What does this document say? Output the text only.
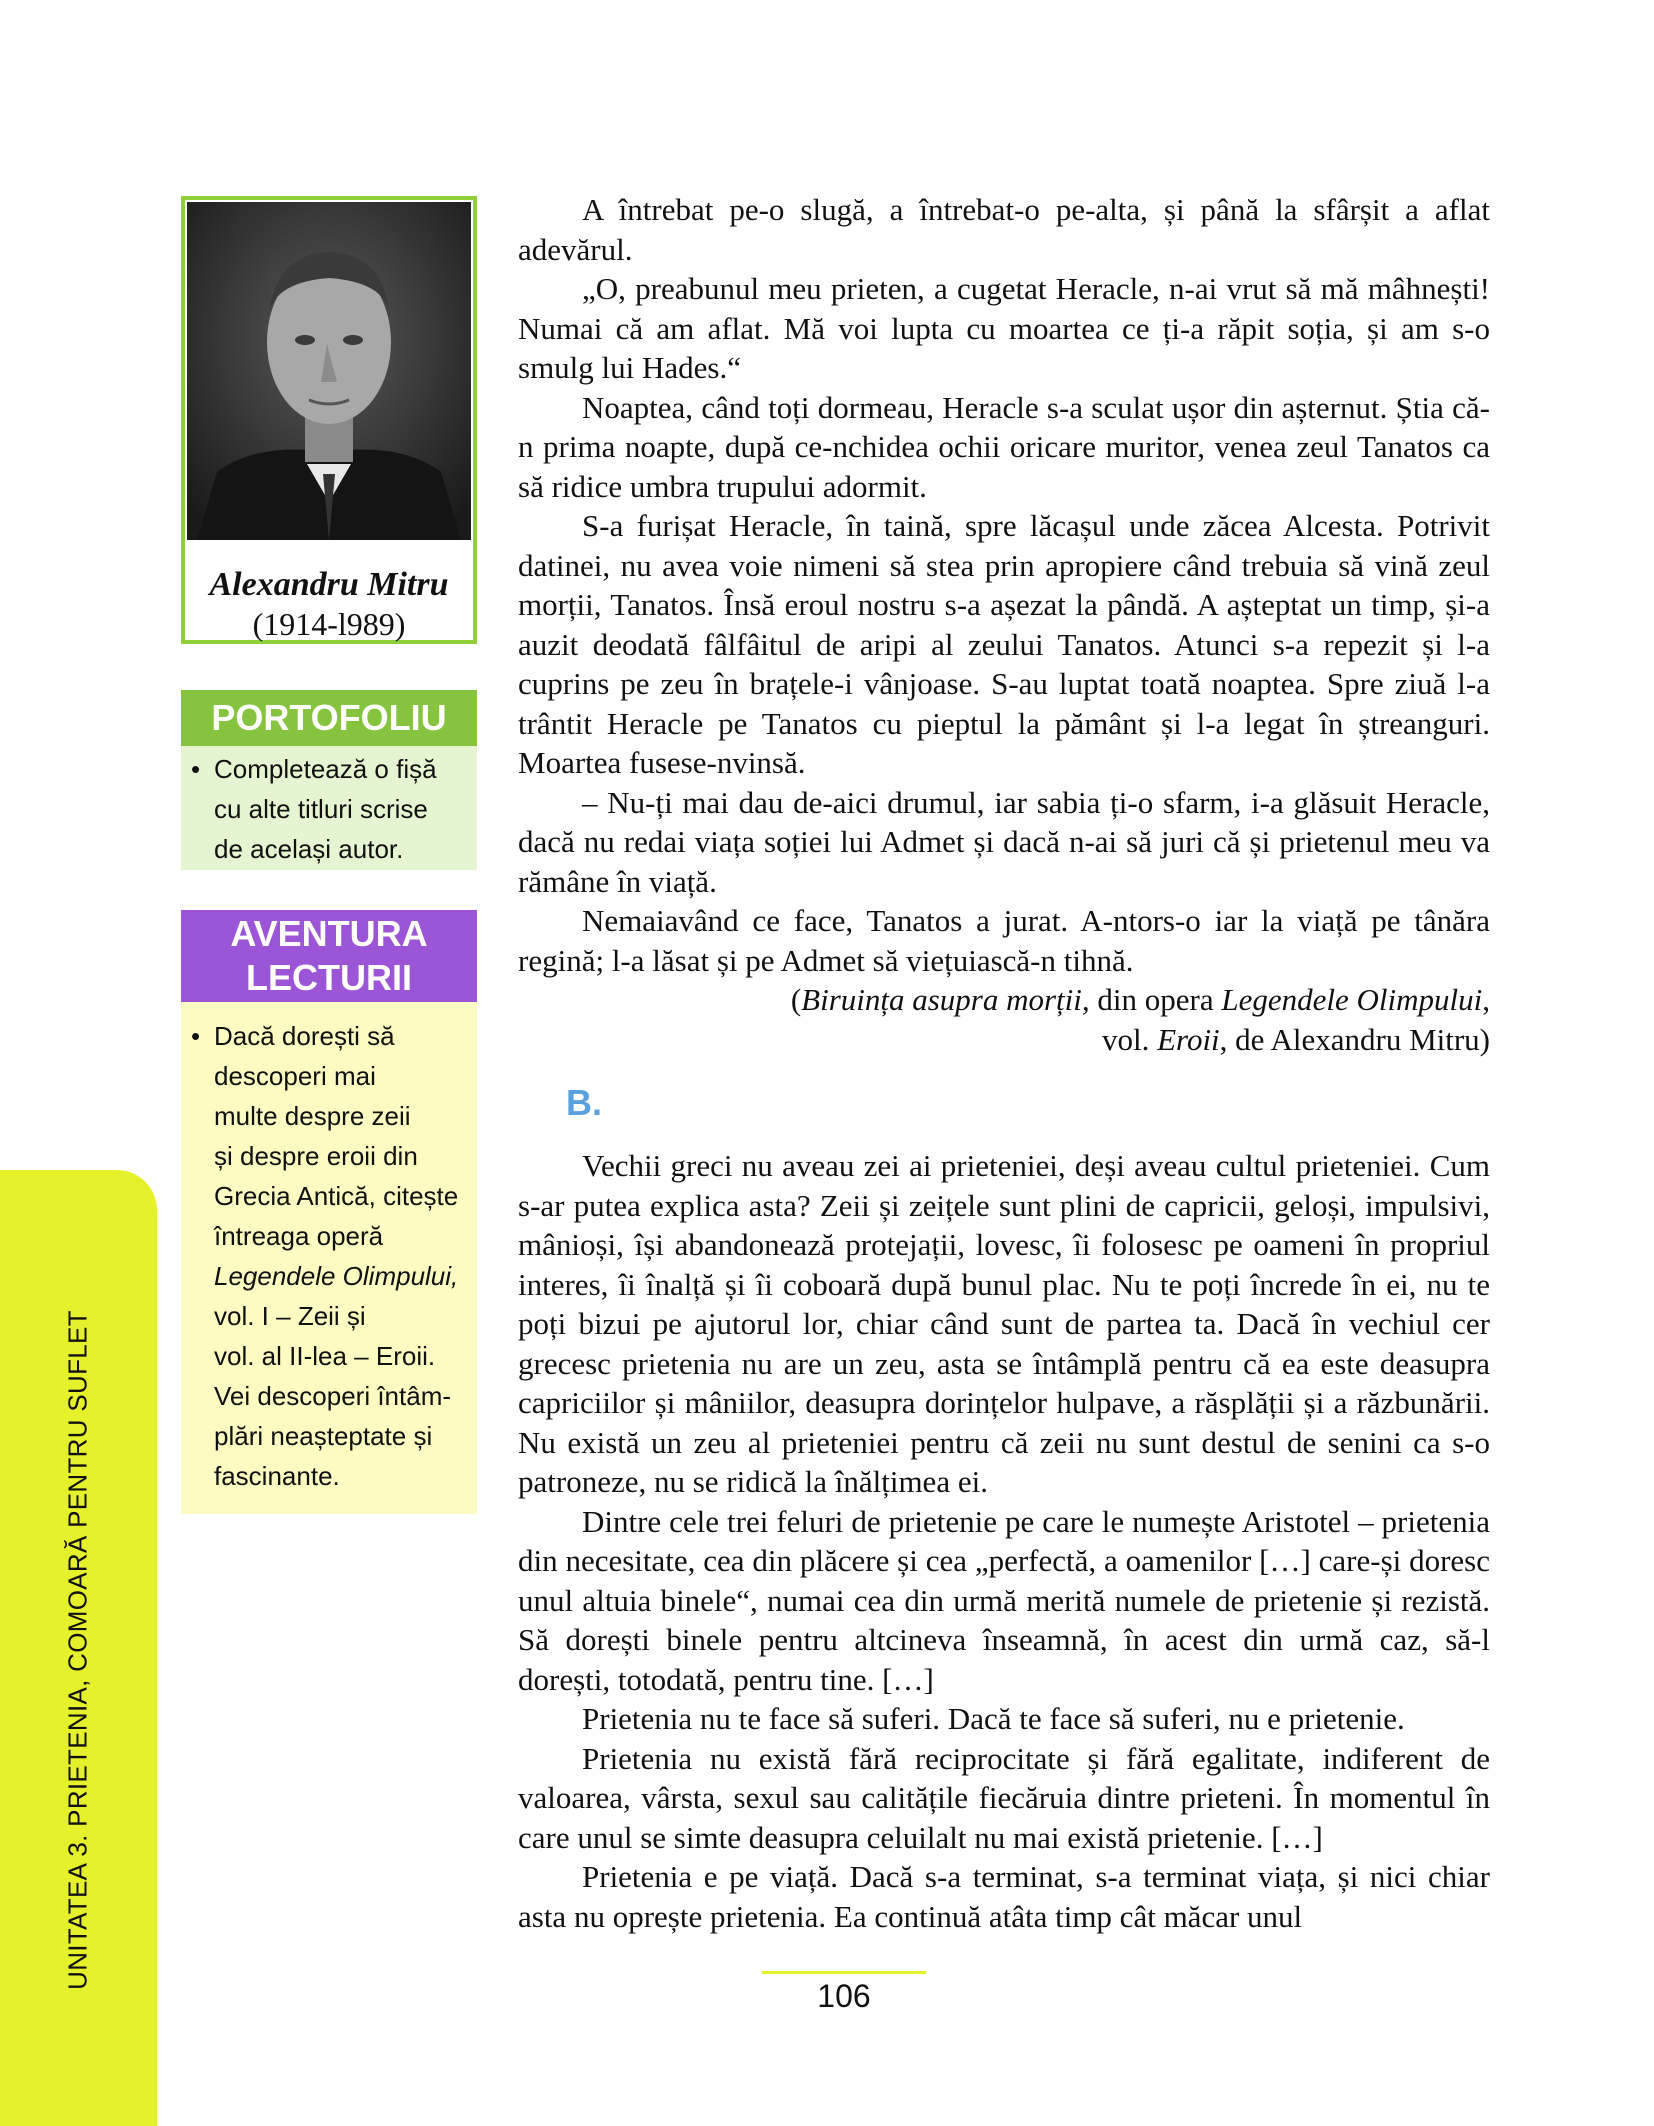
UNITATEA 3. PRIETENIA, COMOARĂ PENTRU SUFLET
Alexandru Mitru
(1914-l989)
PORTOFOLIU
• Completează o fișă
cu alte titluri scrise
de același autor.
AVENTURA
LECTURII
• Dacă dorești să
descoperi mai
multe despre zeii
și despre eroii din
Grecia Antică, citește
întreaga operă
Legendele Olimpului,
vol. I – Zeii și
vol. al II-lea – Eroii.
Vei descoperi întâm-
plări neașteptate și
fascinante.

A întrebat pe-o slugă, a întrebat-o pe-alta, și până la sfârșit a aflat adevărul.

„O, preabunul meu prieten, a cugetat Heracle, n-ai vrut să mă mâhnești! Numai că am aflat. Mă voi lupta cu moartea ce ți-a răpit soția, și am s-o smulg lui Hades.“

Noaptea, când toți dormeau, Heracle s-a sculat ușor din așternut. Știa că-n prima noapte, după ce-nchidea ochii oricare muritor, venea zeul Tanatos ca să ridice umbra trupului adormit.

S-a furișat Heracle, în taină, spre lăcașul unde zăcea Alcesta. Potrivit datinei, nu avea voie nimeni să stea prin apropiere când trebuia să vină zeul morții, Tanatos. Însă eroul nostru s-a așezat la pândă. A așteptat un timp, și-a auzit deodată fâlfâitul de aripi al zeului Tanatos. Atunci s-a repezit și l-a cuprins pe zeu în brațele-i vânjoase. S-au luptat toată noaptea. Spre ziuă l-a trântit Heracle pe Tanatos cu pieptul la pământ și l-a legat în ștreanguri. Moartea fusese-nvinsă.

– Nu-ți mai dau de-aici drumul, iar sabia ți-o sfarm, i-a glăsuit Heracle, dacă nu redai viața soției lui Admet și dacă n-ai să juri că și prietenul meu va rămâne în viață.

Nemaiavând ce face, Tanatos a jurat. A-ntors-o iar la viață pe tânăra regină; l-a lăsat și pe Admet să viețuiască-n tihnă.

(Biruința asupra morții, din opera Legendele Olimpului,

vol. Eroii, de Alexandru Mitru)

B.

Vechii greci nu aveau zei ai prieteniei, deși aveau cultul prieteniei. Cum s-ar putea explica asta? Zeii și zeițele sunt plini de capricii, geloși, impulsivi, mânioși, își abandonează protejații, lovesc, îi folosesc pe oameni în propriul interes, îi înalță și îi coboară după bunul plac. Nu te poți încrede în ei, nu te poți bizui pe ajutorul lor, chiar când sunt de partea ta. Dacă în vechiul cer grecesc prietenia nu are un zeu, asta se întâmplă pentru că ea este deasupra capriciilor și mâniilor, deasupra dorințelor hulpave, a răsplății și a răzbunării. Nu există un zeu al prieteniei pentru că zeii nu sunt destul de senini ca s-o patroneze, nu se ridică la înălțimea ei.

Dintre cele trei feluri de prietenie pe care le numește Aristotel – prietenia din necesitate, cea din plăcere și cea „perfectă, a oamenilor […] care-și doresc unul altuia binele“, numai cea din urmă merită numele de prietenie și rezistă. Să dorești binele pentru altcineva înseamnă, în acest din urmă caz, să-l dorești, totodată, pentru tine. […]

Prietenia nu te face să suferi. Dacă te face să suferi, nu e prietenie.

Prietenia nu există fără reciprocitate și fără egalitate, indiferent de valoarea, vârsta, sexul sau calitățile fiecăruia dintre prieteni. În momentul în care unul se simte deasupra celuilalt nu mai există prietenie. […]

Prietenia e pe viață. Dacă s-a terminat, s-a terminat viața, și nici chiar asta nu oprește prietenia. Ea continuă atâta timp cât măcar unul

106
